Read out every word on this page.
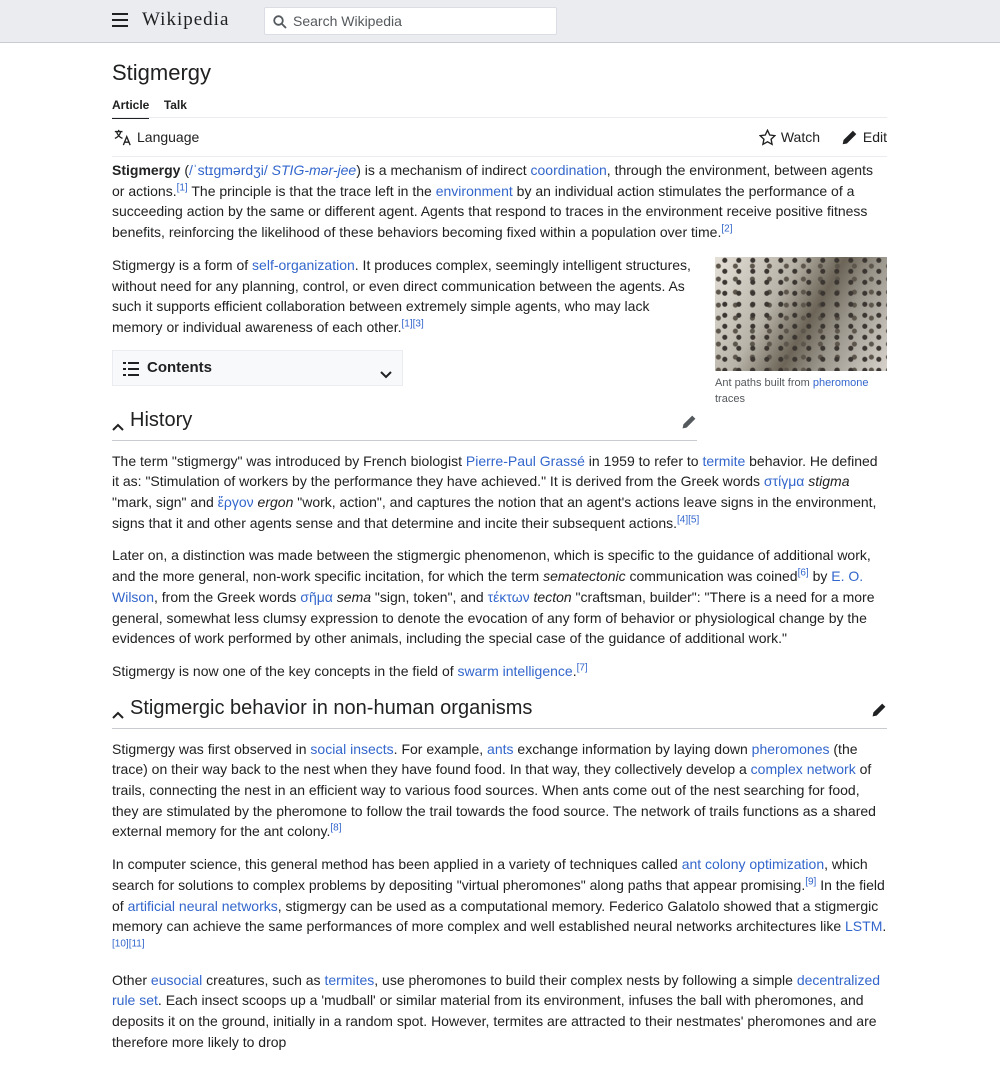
Wikipedia
Search Wikipedia
Stigmergy
Article Talk
Language	Watch	Edit

Stigmergy (/ˈstɪɡmərdʒi/ STIG-mər-jee) is a mechanism of indirect coordination, through the environment, between agents or actions.[1] The principle is that the trace left in the environment by an individual action stimulates the performance of a succeeding action by the same or different agent. Agents that respond to traces in the environment receive positive fitness benefits, reinforcing the likelihood of these behaviors becoming fixed within a population over time.[2]

Ant paths built from pheromone traces

Stigmergy is a form of self-organization. It produces complex, seemingly intelligent structures, without need for any planning, control, or even direct communication between the agents. As such it supports efficient collaboration between extremely simple agents, who may lack memory or individual awareness of each other.[1][3]

Contents
History

The term "stigmergy" was introduced by French biologist Pierre-Paul Grassé in 1959 to refer to termite behavior. He defined it as: "Stimulation of workers by the performance they have achieved." It is derived from the Greek words στίγμα stigma "mark, sign" and ἔργον ergon "work, action", and captures the notion that an agent's actions leave signs in the environment, signs that it and other agents sense and that determine and incite their subsequent actions.[4][5]

Later on, a distinction was made between the stigmergic phenomenon, which is specific to the guidance of additional work, and the more general, non-work specific incitation, for which the term sematectonic communication was coined[6] by E. O. Wilson, from the Greek words σῆμα sema "sign, token", and τέκτων tecton "craftsman, builder": "There is a need for a more general, somewhat less clumsy expression to denote the evocation of any form of behavior or physiological change by the evidences of work performed by other animals, including the special case of the guidance of additional work."

Stigmergy is now one of the key concepts in the field of swarm intelligence.[7]

Stigmergic behavior in non-human organisms

Stigmergy was first observed in social insects. For example, ants exchange information by laying down pheromones (the trace) on their way back to the nest when they have found food. In that way, they collectively develop a complex network of trails, connecting the nest in an efficient way to various food sources. When ants come out of the nest searching for food, they are stimulated by the pheromone to follow the trail towards the food source. The network of trails functions as a shared external memory for the ant colony.[8]

In computer science, this general method has been applied in a variety of techniques called ant colony optimization, which search for solutions to complex problems by depositing "virtual pheromones" along paths that appear promising.[9] In the field of artificial neural networks, stigmergy can be used as a computational memory. Federico Galatolo showed that a stigmergic memory can achieve the same performances of more complex and well established neural networks architectures like LSTM.[10][11]

Other eusocial creatures, such as termites, use pheromones to build their complex nests by following a simple decentralized rule set. Each insect scoops up a 'mudball' or similar material from its environment, infuses the ball with pheromones, and deposits it on the ground, initially in a random spot. However, termites are attracted to their nestmates' pheromones and are therefore more likely to drop
